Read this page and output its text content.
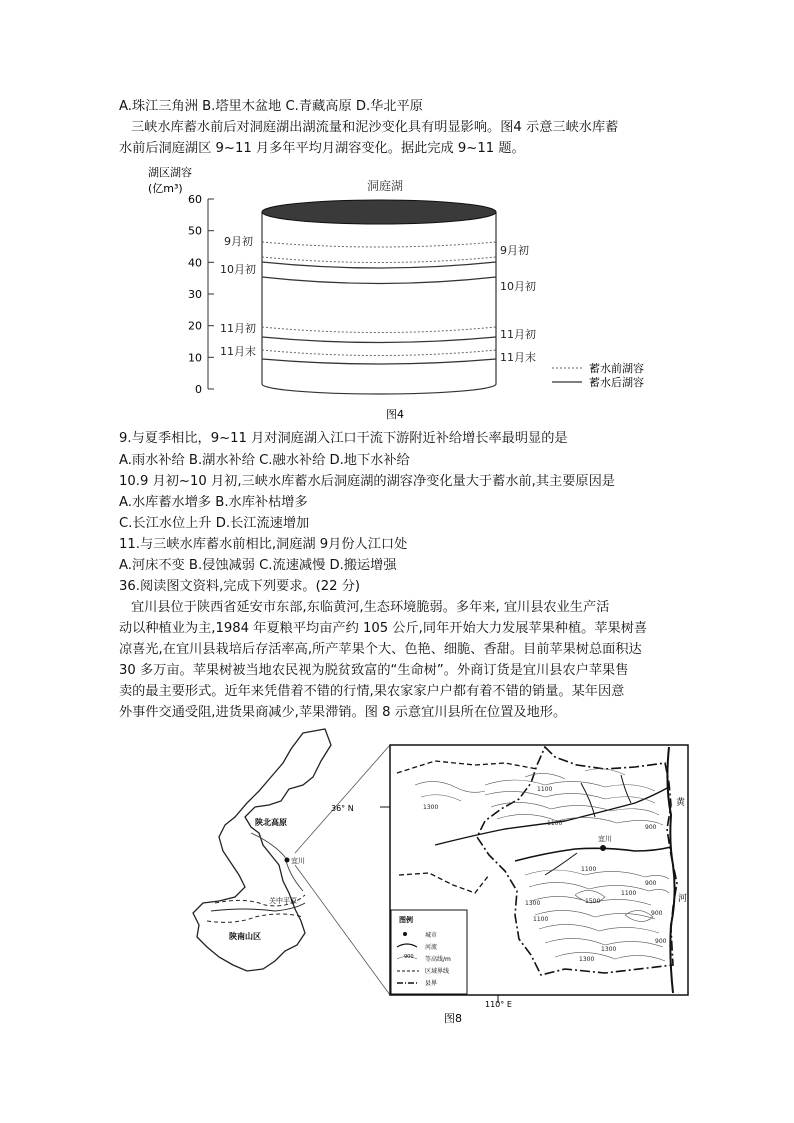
A.珠江三角洲 B.塔里木盆地 C.青藏高原 D.华北平原
三峡水库蓄水前后对洞庭湖出湖流量和泥沙变化具有明显影响。图4 示意三峡水库蓄
水前后洞庭湖区 9~11 月多年平均月湖容变化。据此完成 9~11 题。
湖区湖容
(亿m³)
60
50
40
30
20
10
0
洞庭湖
9月初
10月初
11月初
11月末
9月初
10月初
11月初
11月末
蓄水前湖容
蓄水后湖容
图4
9.与夏季相比，9~11 月对洞庭湖入江口干流下游附近补给增长率最明显的是
A.雨水补给 B.湖水补给 C.融水补给 D.地下水补给
10.9 月初~10 月初,三峡水库蓄水后洞庭湖的湖容净变化量大于蓄水前,其主要原因是
A.水库蓄水增多 B.水库补枯增多
C.长江水位上升 D.长江流速增加
11.与三峡水库蓄水前相比,洞庭湖 9月份人江口处
A.河床不变 B.侵蚀减弱 C.流速减慢 D.搬运增强
36.阅读图文资料,完成下列要求。(22 分)
宜川县位于陕西省延安市东部,东临黄河,生态环境脆弱。多年来, 宜川县农业生产活
动以种植业为主,1984 年夏粮平均亩产约 105 公斤,同年开始大力发展苹果种植。苹果树喜
凉喜光,在宜川县栽培后存活率高,所产苹果个大、色艳、细脆、香甜。目前苹果树总面积达
30 多万亩。苹果树被当地农民视为脱贫致富的“生命树”。外商订货是宜川县农户苹果售
卖的最主要形式。近年来凭借着不错的行情,果农家家户户都有着不错的销量。某年因意
外事件交通受阻,进货果商减少,苹果滞销。图 8 示意宜川县所在位置及地形。
陕北高原
宜川
关中平原
陕南山区
36° N
110° E
黄
河
宜川
1100
1300
1100
1100
1500
1100
1300
900
1100
1300
900
1300
900
900
图例
城市
河流
900 等高线/m
区域界线
县界
图8
